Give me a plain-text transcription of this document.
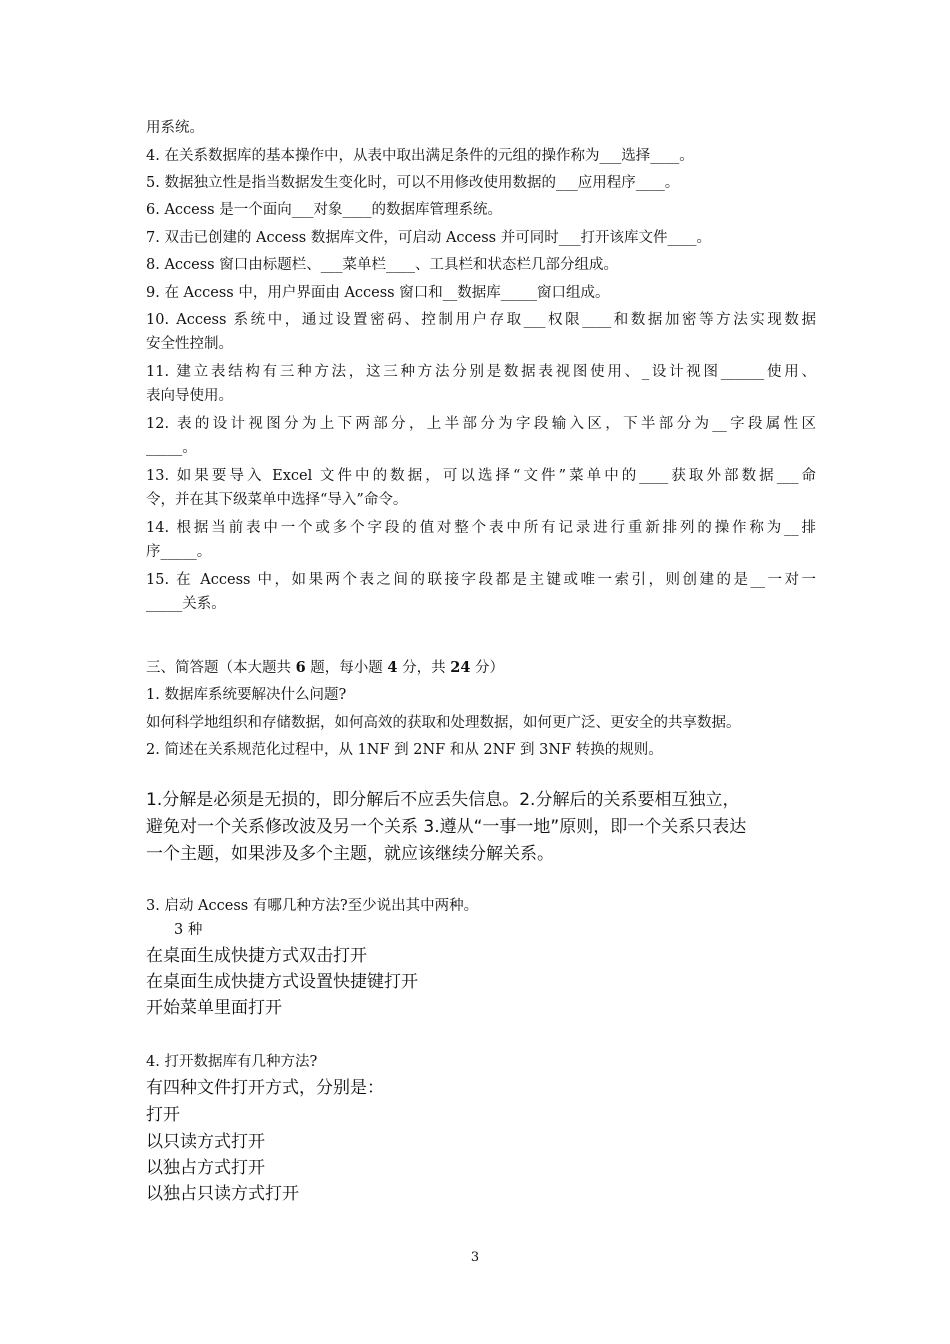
用系统。
4. 在关系数据库的基本操作中，从表中取出满足条件的元组的操作称为___选择____。
5. 数据独立性是指当数据发生变化时，可以不用修改使用数据的___应用程序____。
6. Access 是一个面向___对象____的数据库管理系统。
7. 双击已创建的 Access 数据库文件，可启动 Access 并可同时___打开该库文件____。
8. Access 窗口由标题栏、___菜单栏____、工具栏和状态栏几部分组成。
9. 在 Access 中，用户界面由 Access 窗口和__数据库_____窗口组成。
10. Access 系统中，通过设置密码、控制用户存取___权限____和数据加密等方法实现数据
安全性控制。
11. 建立表结构有三种方法，这三种方法分别是数据表视图使用、_设计视图______使用、
表向导使用。
12. 表的设计视图分为上下两部分，上半部分为字段输入区，下半部分为__字段属性区
_____。
13. 如果要导入 Excel 文件中的数据，可以选择“文件”菜单中的____获取外部数据___命
令，并在其下级菜单中选择“导入”命令。
14. 根据当前表中一个或多个字段的值对整个表中所有记录进行重新排列的操作称为__排
序_____。
15. 在 Access 中，如果两个表之间的联接字段都是主键或唯一索引，则创建的是__一对一
_____关系。
三、简答题（本大题共 6 题，每小题 4 分，共 24 分）
1. 数据库系统要解决什么问题?
如何科学地组织和存储数据，如何高效的获取和处理数据，如何更广泛、更安全的共享数据。
2. 简述在关系规范化过程中，从 1NF 到 2NF 和从 2NF 到 3NF 转换的规则。
1.分解是必须是无损的，即分解后不应丢失信息。2.分解后的关系要相互独立，
避免对一个关系修改波及另一个关系 3.遵从“一事一地”原则，即一个关系只表达
一个主题，如果涉及多个主题，就应该继续分解关系。
3. 启动 Access 有哪几种方法?至少说出其中两种。
3 种
在桌面生成快捷方式双击打开
在桌面生成快捷方式设置快捷键打开
开始菜单里面打开
4. 打开数据库有几种方法?
有四种文件打开方式，分别是：
打开
以只读方式打开
以独占方式打开
以独占只读方式打开
3
